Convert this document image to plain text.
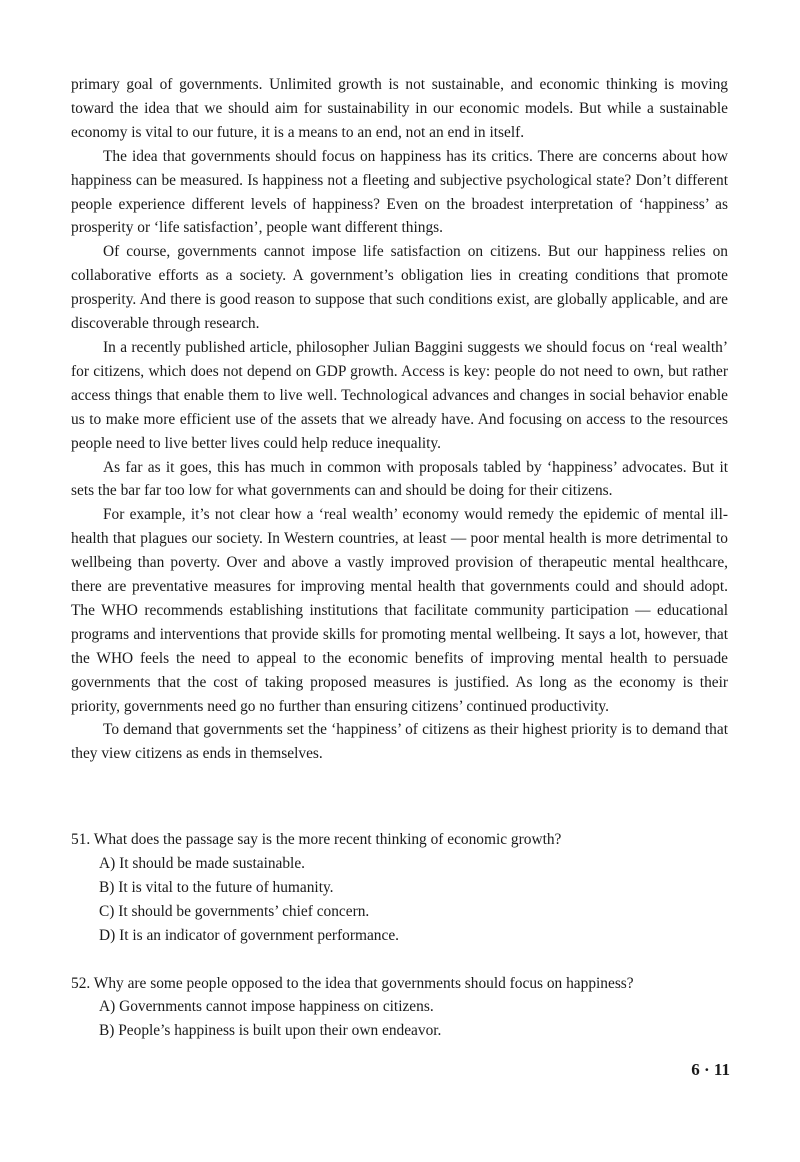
primary goal of governments. Unlimited growth is not sustainable, and economic thinking is moving toward the idea that we should aim for sustainability in our economic models. But while a sustainable economy is vital to our future, it is a means to an end, not an end in itself.

The idea that governments should focus on happiness has its critics. There are concerns about how happiness can be measured. Is happiness not a fleeting and subjective psychological state? Don’t different people experience different levels of happiness? Even on the broadest interpretation of ‘happiness’ as prosperity or ‘life satisfaction’, people want different things.

Of course, governments cannot impose life satisfaction on citizens. But our happiness relies on collaborative efforts as a society. A government’s obligation lies in creating conditions that promote prosperity. And there is good reason to suppose that such conditions exist, are globally applicable, and are discoverable through research.

In a recently published article, philosopher Julian Baggini suggests we should focus on ‘real wealth’ for citizens, which does not depend on GDP growth. Access is key: people do not need to own, but rather access things that enable them to live well. Technological advances and changes in social behavior enable us to make more efficient use of the assets that we already have. And focusing on access to the resources people need to live better lives could help reduce inequality.

As far as it goes, this has much in common with proposals tabled by ‘happiness’ advocates. But it sets the bar far too low for what governments can and should be doing for their citizens.

For example, it’s not clear how a ‘real wealth’ economy would remedy the epidemic of mental ill-health that plagues our society. In Western countries, at least — poor mental health is more detrimental to wellbeing than poverty. Over and above a vastly improved provision of therapeutic mental healthcare, there are preventative measures for improving mental health that governments could and should adopt. The WHO recommends establishing institutions that facilitate community participation — educational programs and interventions that provide skills for promoting mental wellbeing. It says a lot, however, that the WHO feels the need to appeal to the economic benefits of improving mental health to persuade governments that the cost of taking proposed measures is justified. As long as the economy is their priority, governments need go no further than ensuring citizens’ continued productivity.

To demand that governments set the ‘happiness’ of citizens as their highest priority is to demand that they view citizens as ends in themselves.

51. What does the passage say is the more recent thinking of economic growth?

A) It should be made sustainable.

B) It is vital to the future of humanity.

C) It should be governments’ chief concern.

D) It is an indicator of government performance.

52. Why are some people opposed to the idea that governments should focus on happiness?

A) Governments cannot impose happiness on citizens.

B) People’s happiness is built upon their own endeavor.

6 · 11
